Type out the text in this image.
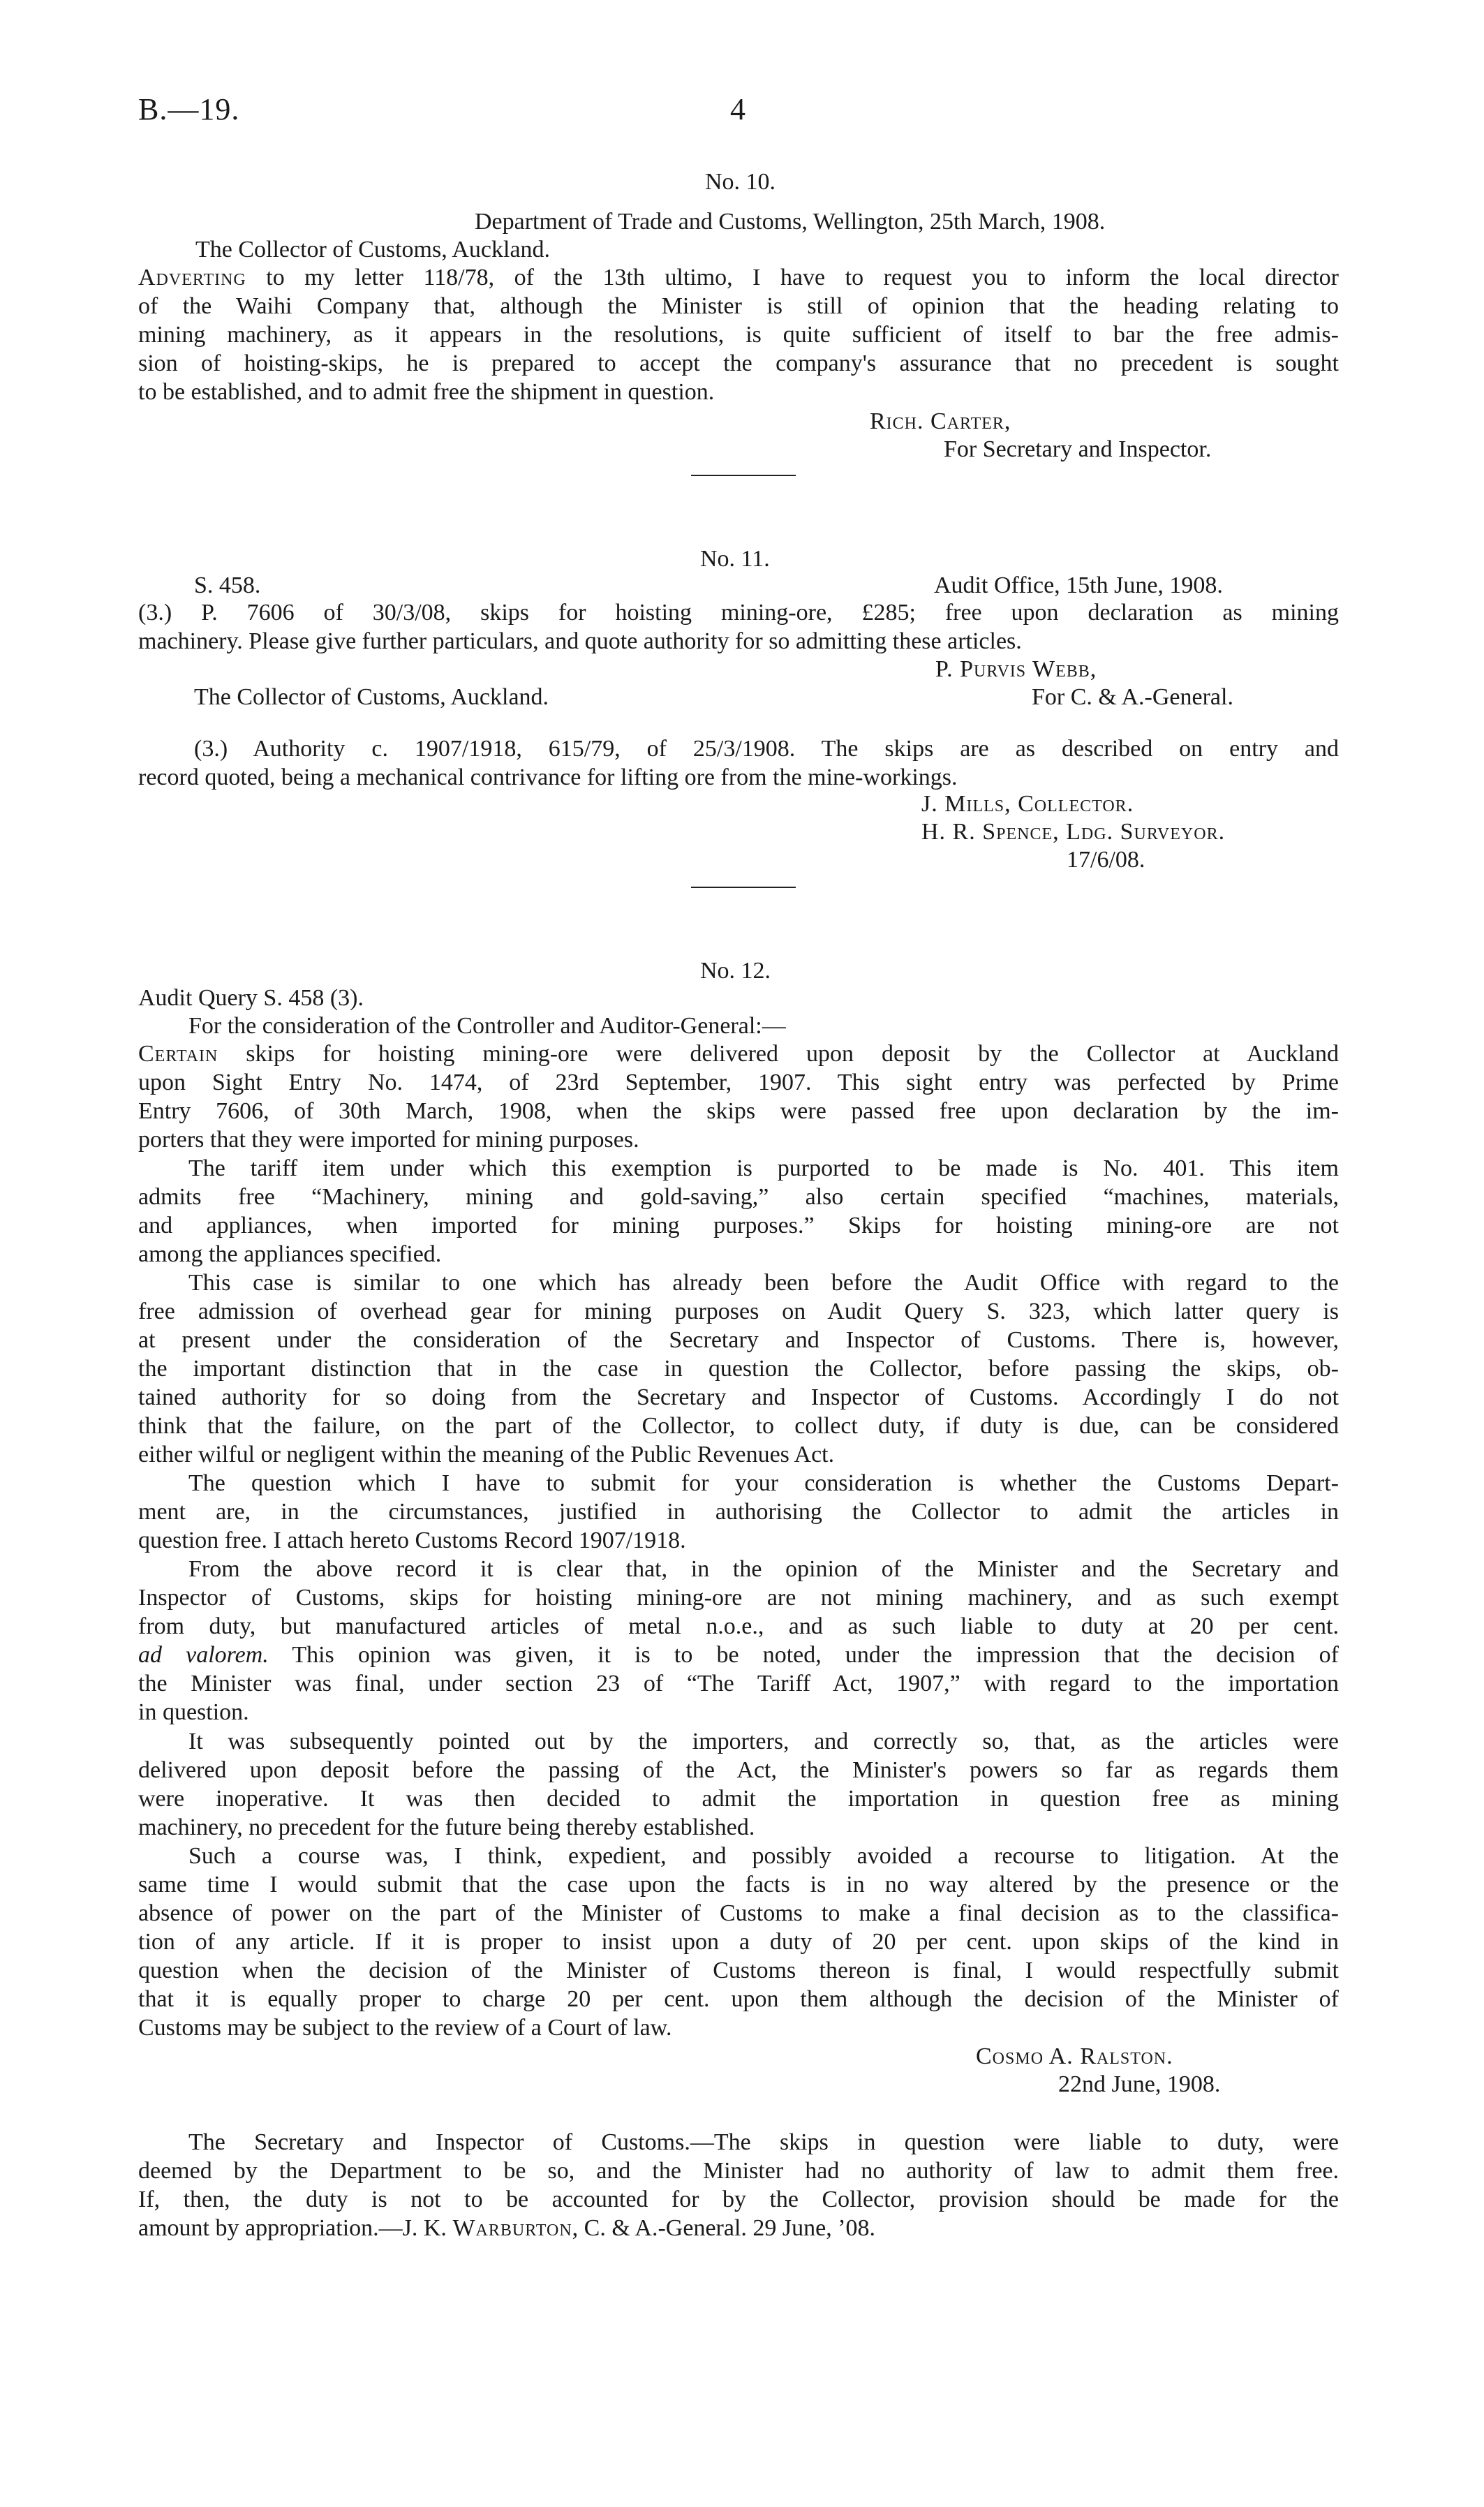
B.—19.	4
No. 10.
Department of Trade and Customs, Wellington, 25th March, 1908.
The Collector of Customs, Auckland.
Adverting to my letter 118/78, of the 13th ultimo, I have to request you to inform the local director
of the Waihi Company that, although the Minister is still of opinion that the heading relating to
mining machinery, as it appears in the resolutions, is quite sufficient of itself to bar the free admis-
sion of hoisting-skips, he is prepared to accept the company's assurance that no precedent is sought
to be established, and to admit free the shipment in question.
Rich. Carter,
For Secretary and Inspector.
No. 11.
S. 458.	Audit Office, 15th June, 1908.
(3.) P. 7606 of 30/3/08, skips for hoisting mining-ore, £285; free upon declaration as mining
machinery. Please give further particulars, and quote authority for so admitting these articles.
P. Purvis Webb,
The Collector of Customs, Auckland.	For C. & A.-General.
(3.) Authority c. 1907/1918, 615/79, of 25/3/1908. The skips are as described on entry and
record quoted, being a mechanical contrivance for lifting ore from the mine-workings.
J. Mills, Collector.
H. R. Spence, Ldg. Surveyor.
17/6/08.
No. 12.
Audit Query S. 458 (3).
For the consideration of the Controller and Auditor-General:—
Certain skips for hoisting mining-ore were delivered upon deposit by the Collector at Auckland
upon Sight Entry No. 1474, of 23rd September, 1907. This sight entry was perfected by Prime
Entry 7606, of 30th March, 1908, when the skips were passed free upon declaration by the im-
porters that they were imported for mining purposes.
The tariff item under which this exemption is purported to be made is No. 401. This item
admits free “Machinery, mining and gold-saving,” also certain specified “machines, materials,
and appliances, when imported for mining purposes.” Skips for hoisting mining-ore are not
among the appliances specified.
This case is similar to one which has already been before the Audit Office with regard to the
free admission of overhead gear for mining purposes on Audit Query S. 323, which latter query is
at present under the consideration of the Secretary and Inspector of Customs. There is, however,
the important distinction that in the case in question the Collector, before passing the skips, ob-
tained authority for so doing from the Secretary and Inspector of Customs. Accordingly I do not
think that the failure, on the part of the Collector, to collect duty, if duty is due, can be considered
either wilful or negligent within the meaning of the Public Revenues Act.
The question which I have to submit for your consideration is whether the Customs Depart-
ment are, in the circumstances, justified in authorising the Collector to admit the articles in
question free. I attach hereto Customs Record 1907/1918.
From the above record it is clear that, in the opinion of the Minister and the Secretary and
Inspector of Customs, skips for hoisting mining-ore are not mining machinery, and as such exempt
from duty, but manufactured articles of metal n.o.e., and as such liable to duty at 20 per cent.
ad valorem. This opinion was given, it is to be noted, under the impression that the decision of
the Minister was final, under section 23 of “The Tariff Act, 1907,” with regard to the importation
in question.
It was subsequently pointed out by the importers, and correctly so, that, as the articles were
delivered upon deposit before the passing of the Act, the Minister's powers so far as regards them
were inoperative. It was then decided to admit the importation in question free as mining
machinery, no precedent for the future being thereby established.
Such a course was, I think, expedient, and possibly avoided a recourse to litigation. At the
same time I would submit that the case upon the facts is in no way altered by the presence or the
absence of power on the part of the Minister of Customs to make a final decision as to the classifica-
tion of any article. If it is proper to insist upon a duty of 20 per cent. upon skips of the kind in
question when the decision of the Minister of Customs thereon is final, I would respectfully submit
that it is equally proper to charge 20 per cent. upon them although the decision of the Minister of
Customs may be subject to the review of a Court of law.
Cosmo A. Ralston.
22nd June, 1908.
The Secretary and Inspector of Customs.—The skips in question were liable to duty, were
deemed by the Department to be so, and the Minister had no authority of law to admit them free.
If, then, the duty is not to be accounted for by the Collector, provision should be made for the
amount by appropriation.—J. K. Warburton, C. & A.-General. 29 June, ’08.
